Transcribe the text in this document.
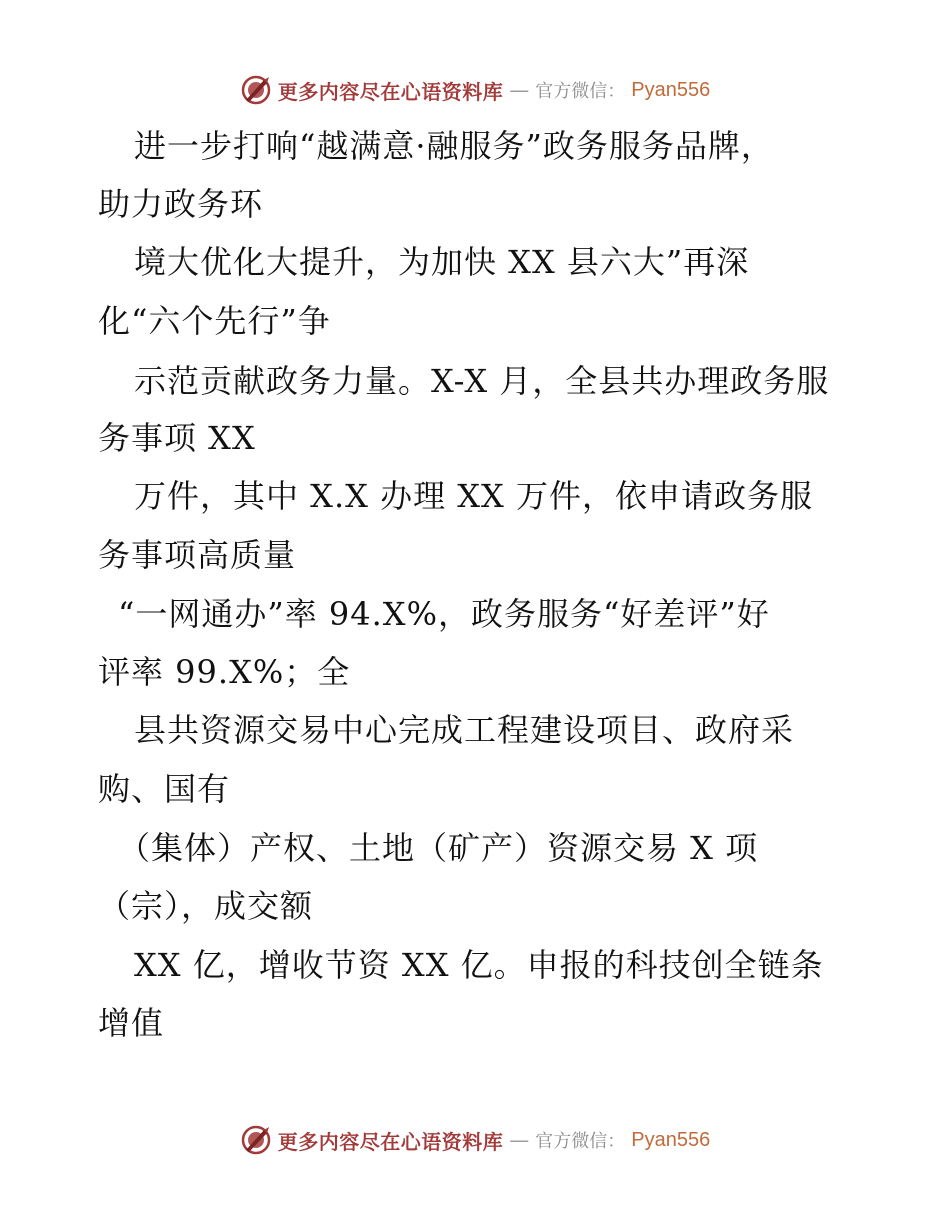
更多内容尽在心语资料库 — 官方微信： Pyan556
进一步打响“越满意·融服务”政务服务品牌，
助力政务环
境大优化大提升，为加快 XX 县六大”再深
化“六个先行”争
示范贡献政务力量。X-X 月，全县共办理政务服
务事项 XX
万件，其中 X.X 办理 XX 万件，依申请政务服
务事项高质量
“一网通办”率 94.X%，政务服务“好差评”好
评率 99.X%；全
县共资源交易中心完成工程建设项目、政府采
购、国有
（集体）产权、土地（矿产）资源交易 X 项
（宗），成交额
XX 亿，增收节资 XX 亿。申报的科技创全链条
增值
更多内容尽在心语资料库 — 官方微信： Pyan556
